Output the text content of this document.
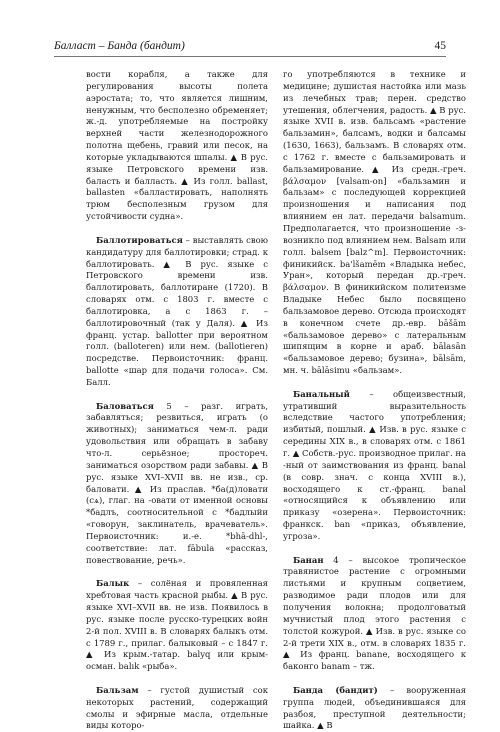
Балласт – Банда (бандит)	45

вости корабля, а также для регулирования высоты полета аэростата; то, что является лишним, ненужным, что бесполезно обременяет; ж.-д. употребляемые на постройку верхней части железнодорожного полотна щебень, гравий или песок, на которые укладываются шпалы. ▲ В рус. языке Петровского времени изв. баласть и балласть. ▲ Из голл. ballast, ballasten «балластировать, наполнять трюм бесполезным грузом для устойчивости судна».

Баллотироваться – выставлять свою кандидатуру для баллотировки; страд. к баллотировать. ▲ В рус. языке с Петровского времени изв. баллотировать, баллотиране (1720). В словарях отм. с 1803 г. вместе с баллотировка, а с 1863 г. – баллотировочный (так у Даля). ▲ Из франц. устар. ballotter при вероятном голл. (balloteren) или нем. (ballotieren) посредстве. Первоисточник: франц. ballotte «шар для подачи голоса». См. Балл.

Баловаться 5 – разг. играть, забавляться; резвиться, играть (о животных); заниматься чем-л. ради удовольствия или обращать в забаву что-л. серьёзное; простореч. заниматься озорством ради забавы. ▲ В рус. языке XVI–XVII вв. не изв., ср. баловати. ▲ Из праслав. *ба(д)ловати (сѧ), глаг. на -овати от именной основы *бадлъ, соотносительной с *бадлыйи «говорун, заклинатель, врачеватель». Первоисточник: и.-е. *bhā-dhl-, соответствие: лат. fābula «рассказ, повествование, речь».

Балык – солёная и провяленная хребтовая часть красной рыбы. ▲ В рус. языке XVI–XVII вв. не изв. Появилось в рус. языке после русско-турецких войн 2-й пол. XVIII в. В словарях балыкъ отм. с 1789 г., прилаг. балыковый – с 1847 г. ▲ Из крым.-татар. balyq или крым-осман. balık «рыба».

Бальзам – густой душистый сок некоторых растений, содержащий смолы и эфирные масла, отдельные виды которо-

го употребляются в технике и медицине; душистая настойка или мазь из лечебных трав; перен. средство утешения, облегчения, радость. ▲ В рус. языке XVII в. изв. бальсамъ «растение бальзамин», балсамъ, водки и балсамы (1630, 1663), бальзамъ. В словарях отм. с 1762 г. вместе с бальзамировать и бальзамирование. ▲ Из средн.-греч. βάλσαμον [valsam-on] «бальзамин и бальзам» с последующей коррекцией произношения и написания под влиянием ен лат. передачи balsamum. Предполагается, что произношение -з- возникло под влиянием нем. Balsam или голл. balsem [balz^m]. Первоисточник: финикийск. ba'lšamēm «Владыка небес, Уран», который передан др.-греч. βάλσαμον. В финикийском политеизме Владыке Небес было посвящено бальзамовое дерево. Отсюда происходят в конечном счете др.-евр. bāšām «бальзамовое дерево» с латеральным шипящим в корне и араб. bālasān «бальзамовое дерево; бузина», bālsām, мн. ч. bālāsimu «бальзам».

Банальный – общеизвестный, утративший выразительность вследствие частого употребления; избитый, пошлый. ▲ Изв. в рус. языке с середины XIX в., в словарях отм. с 1861 г. ▲ Собств.-рус. производное прилаг. на -ный от заимствования из франц. banal (в совр. знач. с конца XVIII в.), восходящего к ст.-франц. banal «относящийся к объявлению или приказу «озерена». Первоисточник: франкск. ban «приказ, объявление, угроза».

Банан 4 – высокое тропическое травянистое растение с огромными листьями и крупным соцветием, разводимое ради плодов или для получения волокна; продолговатый мучнистый плод этого растения с толстой кожурой. ▲ Изв. в рус. языке со 2-й трети XIX в., отм. в словарях 1835 г. ▲ Из франц. banane, восходящего к баконго banam – тж.

Банда (бандит) – вооруженная группа людей, объединившаяся для разбоя, преступной деятельности; шайка. ▲ В
